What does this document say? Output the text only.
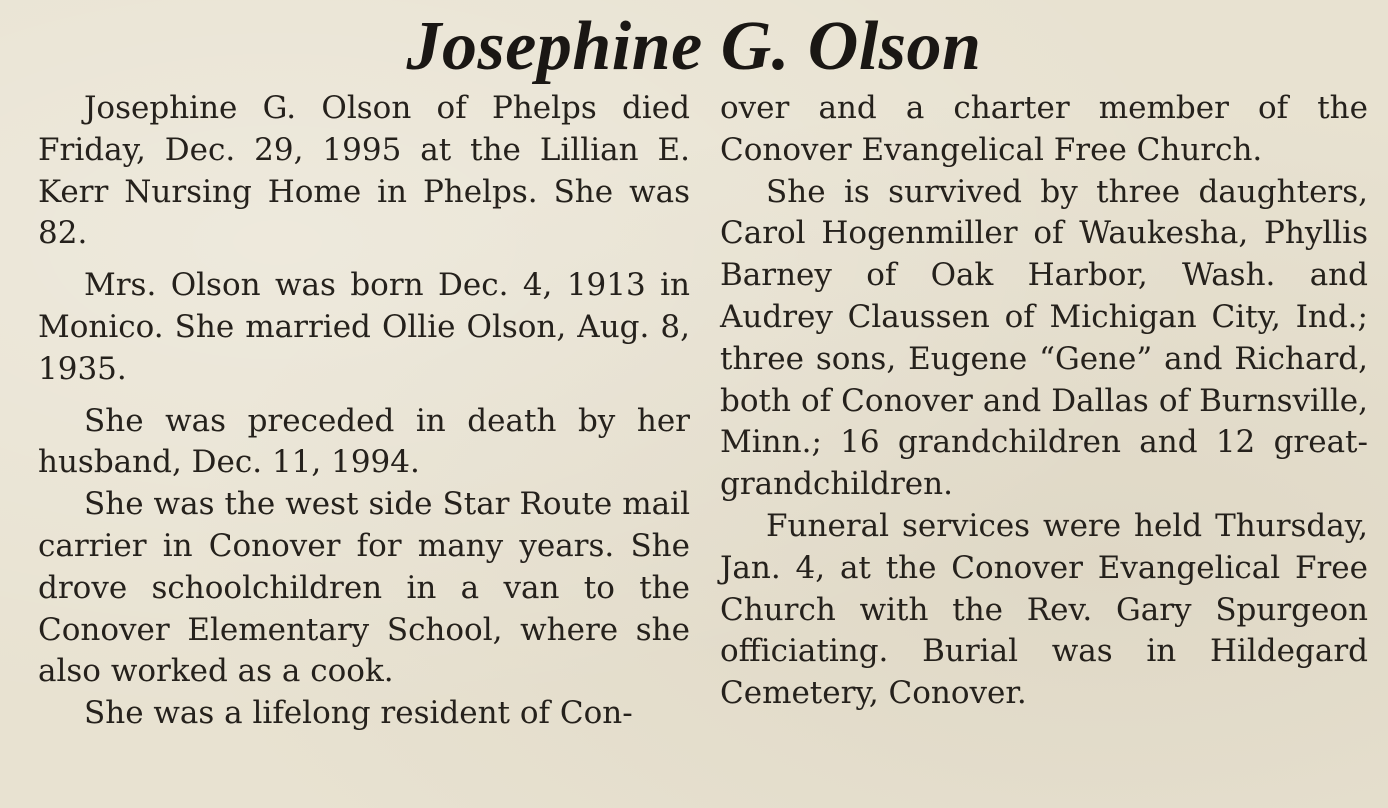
Josephine G. Olson

Josephine G. Olson of Phelps died Friday, Dec. 29, 1995 at the Lillian E. Kerr Nursing Home in Phelps. She was 82.

Mrs. Olson was born Dec. 4, 1913 in Monico. She married Ollie Olson, Aug. 8, 1935.

She was preceded in death by her husband, Dec. 11, 1994.

She was the west side Star Route mail carrier in Conover for many years. She drove schoolchildren in a van to the Conover Elementary School, where she also worked as a cook.

She was a lifelong resident of Con-

over and a charter member of the Conover Evangelical Free Church.

She is survived by three daughters, Carol Hogenmiller of Waukesha, Phyllis Barney of Oak Harbor, Wash. and Audrey Claussen of Michigan City, Ind.; three sons, Eugene “Gene” and Richard, both of Conover and Dallas of Burnsville, Minn.; 16 grandchildren and 12 great-grandchildren.

Funeral services were held Thursday, Jan. 4, at the Conover Evangelical Free Church with the Rev. Gary Spurgeon officiating. Burial was in Hildegard Cemetery, Conover.
